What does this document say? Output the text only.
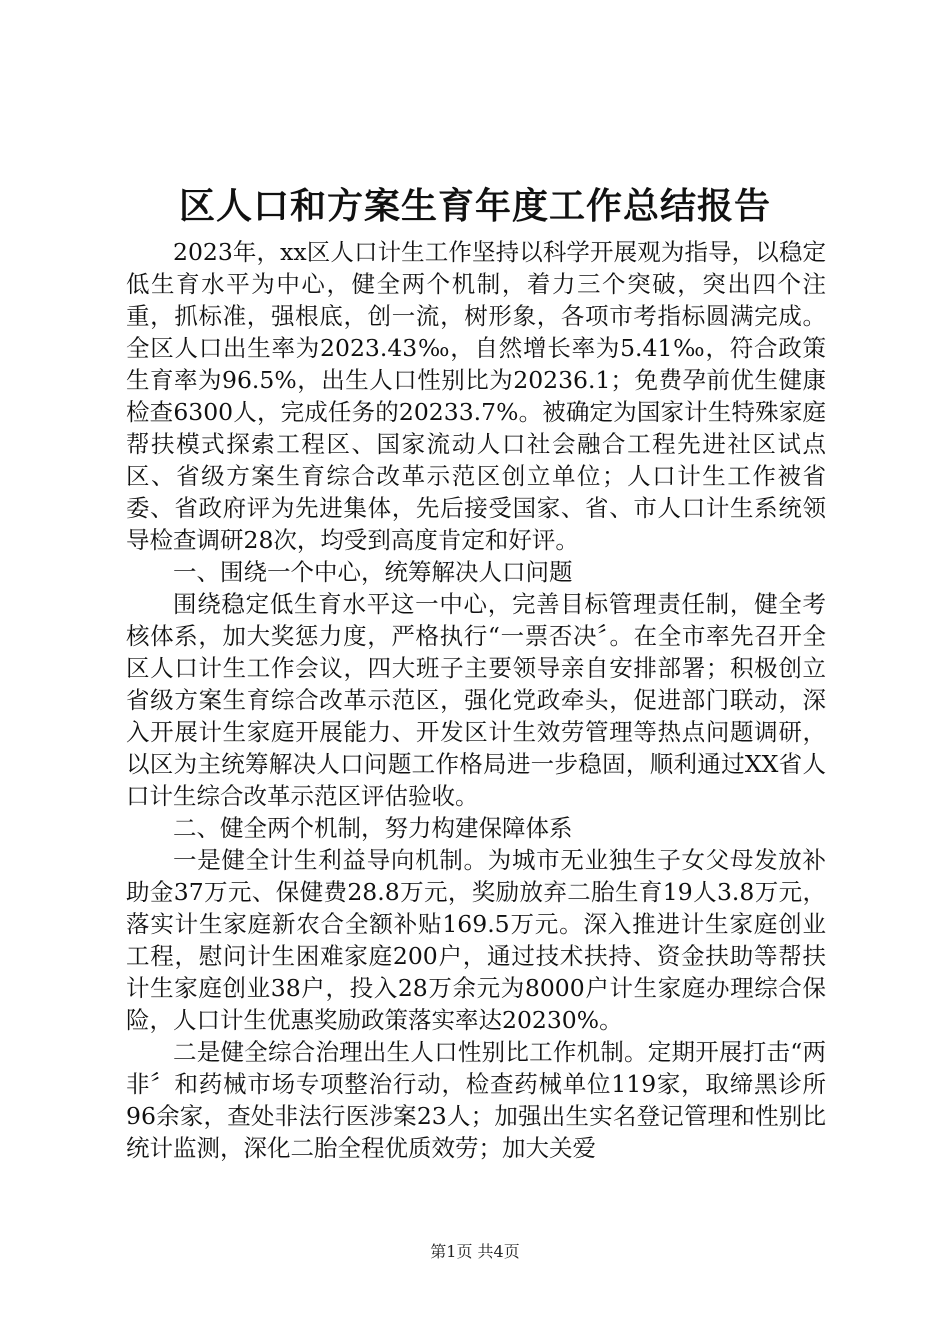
区人口和方案生育年度工作总结报告

2023年，xx区人口计生工作坚持以科学开展观为指导，以稳定低生育水平为中心，健全两个机制，着力三个突破，突出四个注重，抓标准，强根底，创一流，树形象，各项市考指标圆满完成。全区人口出生率为2023.43‰，自然增长率为5.41‰，符合政策生育率为96.5%，出生人口性别比为20236.1；免费孕前优生健康检查6300人，完成任务的20233.7%。被确定为国家计生特殊家庭帮扶模式探索工程区、国家流动人口社会融合工程先进社区试点区、省级方案生育综合改革示范区创立单位；人口计生工作被省委、省政府评为先进集体，先后接受国家、省、市人口计生系统领导检查调研28次，均受到高度肯定和好评。

一、围绕一个中心，统筹解决人口问题

围绕稳定低生育水平这一中心，完善目标管理责任制，健全考核体系，加大奖惩力度，严格执行“一票否决〞。在全市率先召开全区人口计生工作会议，四大班子主要领导亲自安排部署；积极创立省级方案生育综合改革示范区，强化党政牵头，促进部门联动，深入开展计生家庭开展能力、开发区计生效劳管理等热点问题调研，以区为主统筹解决人口问题工作格局进一步稳固，顺利通过XX省人口计生综合改革示范区评估验收。

二、健全两个机制，努力构建保障体系

一是健全计生利益导向机制。为城市无业独生子女父母发放补助金37万元、保健费28.8万元，奖励放弃二胎生育19人3.8万元，落实计生家庭新农合全额补贴169.5万元。深入推进计生家庭创业工程，慰问计生困难家庭200户，通过技术扶持、资金扶助等帮扶计生家庭创业38户，投入28万余元为8000户计生家庭办理综合保险，人口计生优惠奖励政策落实率达20230%。

二是健全综合治理出生人口性别比工作机制。定期开展打击“两非〞和药械市场专项整治行动，检查药械单位119家，取缔黑诊所96余家，查处非法行医涉案23人；加强出生实名登记管理和性别比统计监测，深化二胎全程优质效劳；加大关爱

第1页 共4页
